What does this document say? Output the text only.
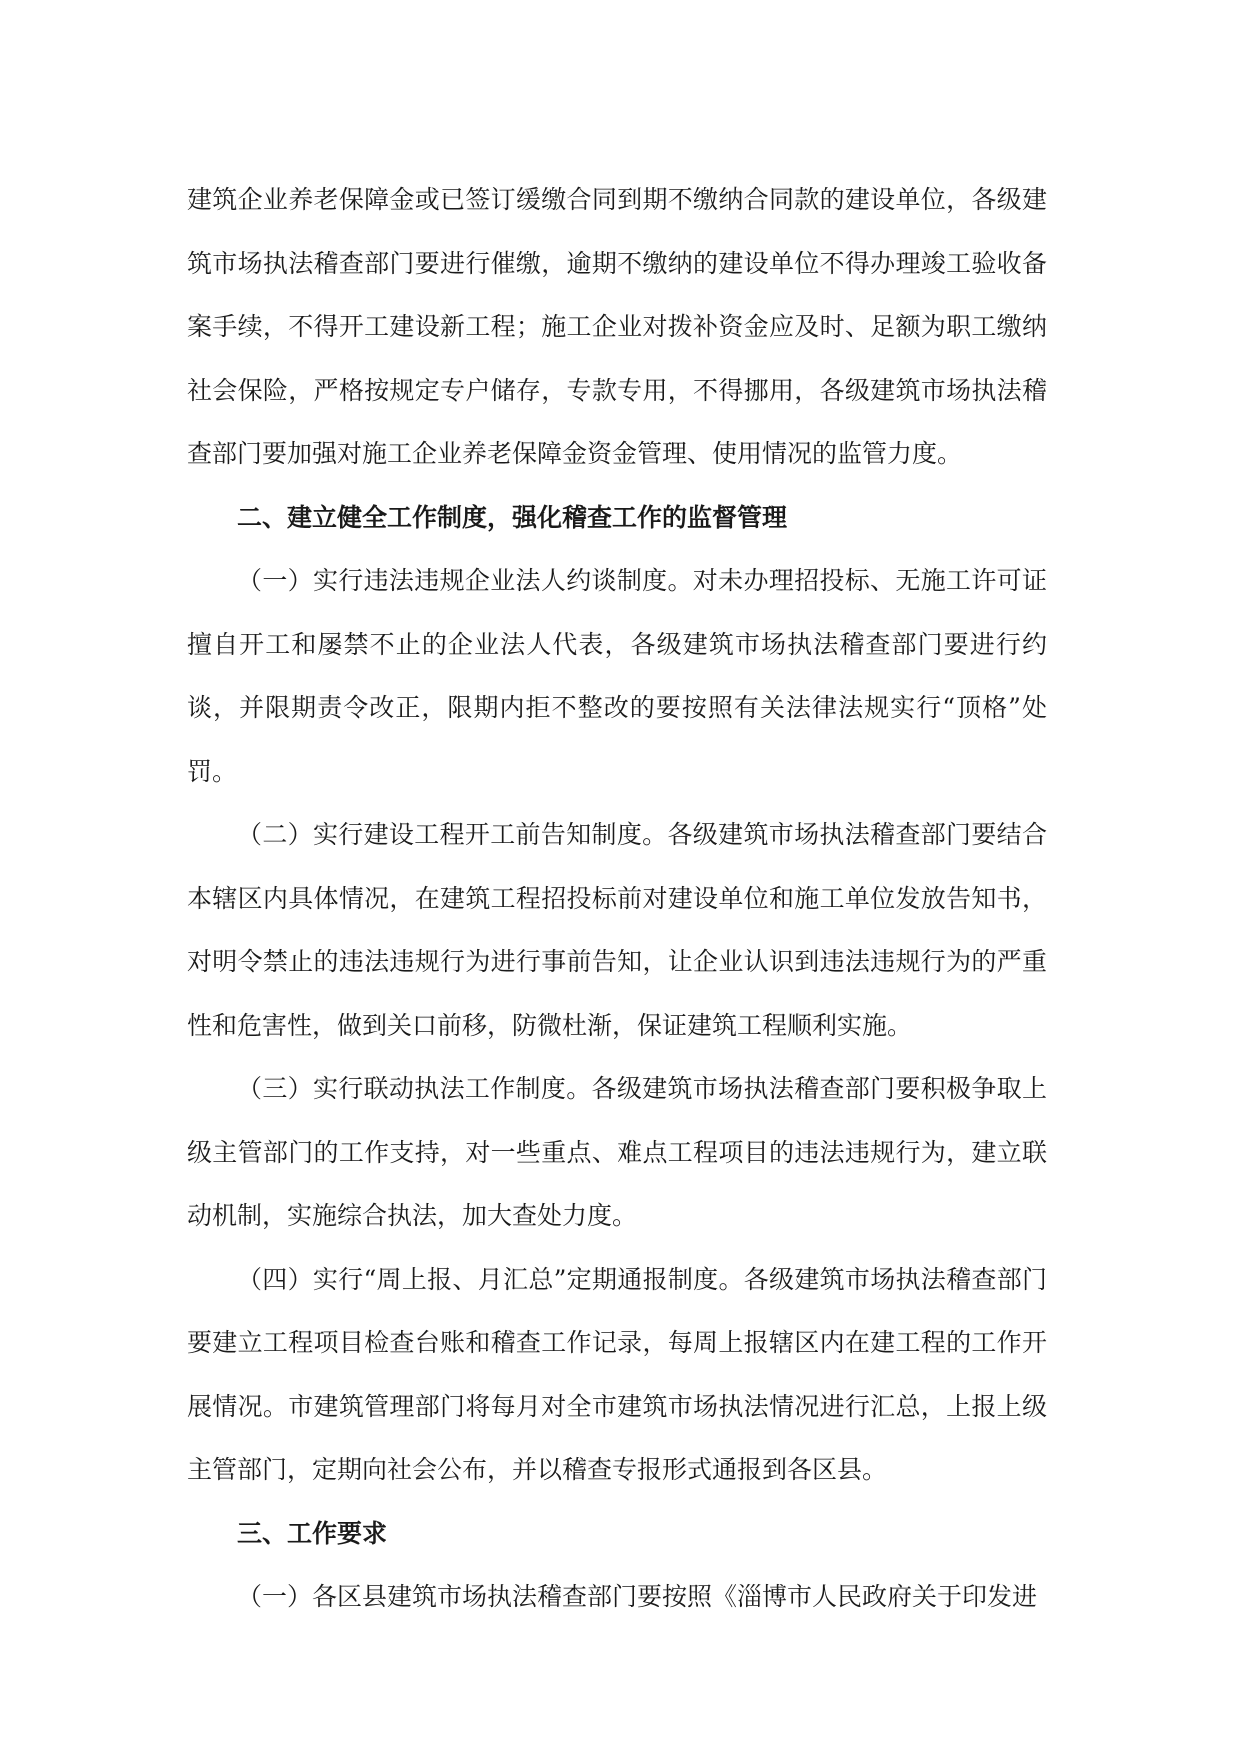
建筑企业养老保障金或已签订缓缴合同到期不缴纳合同款的建设单位，各级建筑市场执法稽查部门要进行催缴，逾期不缴纳的建设单位不得办理竣工验收备案手续，不得开工建设新工程；施工企业对拨补资金应及时、足额为职工缴纳社会保险，严格按规定专户储存，专款专用，不得挪用，各级建筑市场执法稽查部门要加强对施工企业养老保障金资金管理、使用情况的监管力度。

二、建立健全工作制度，强化稽查工作的监督管理

（一）实行违法违规企业法人约谈制度。对未办理招投标、无施工许可证擅自开工和屡禁不止的企业法人代表，各级建筑市场执法稽查部门要进行约谈，并限期责令改正，限期内拒不整改的要按照有关法律法规实行“顶格”处罚。

（二）实行建设工程开工前告知制度。各级建筑市场执法稽查部门要结合本辖区内具体情况，在建筑工程招投标前对建设单位和施工单位发放告知书，对明令禁止的违法违规行为进行事前告知，让企业认识到违法违规行为的严重性和危害性，做到关口前移，防微杜渐，保证建筑工程顺利实施。

（三）实行联动执法工作制度。各级建筑市场执法稽查部门要积极争取上级主管部门的工作支持，对一些重点、难点工程项目的违法违规行为，建立联动机制，实施综合执法，加大查处力度。

（四）实行“周上报、月汇总”定期通报制度。各级建筑市场执法稽查部门要建立工程项目检查台账和稽查工作记录，每周上报辖区内在建工程的工作开展情况。市建筑管理部门将每月对全市建筑市场执法情况进行汇总，上报上级主管部门，定期向社会公布，并以稽查专报形式通报到各区县。

三、工作要求

（一）各区县建筑市场执法稽查部门要按照《淄博市人民政府关于印发进
